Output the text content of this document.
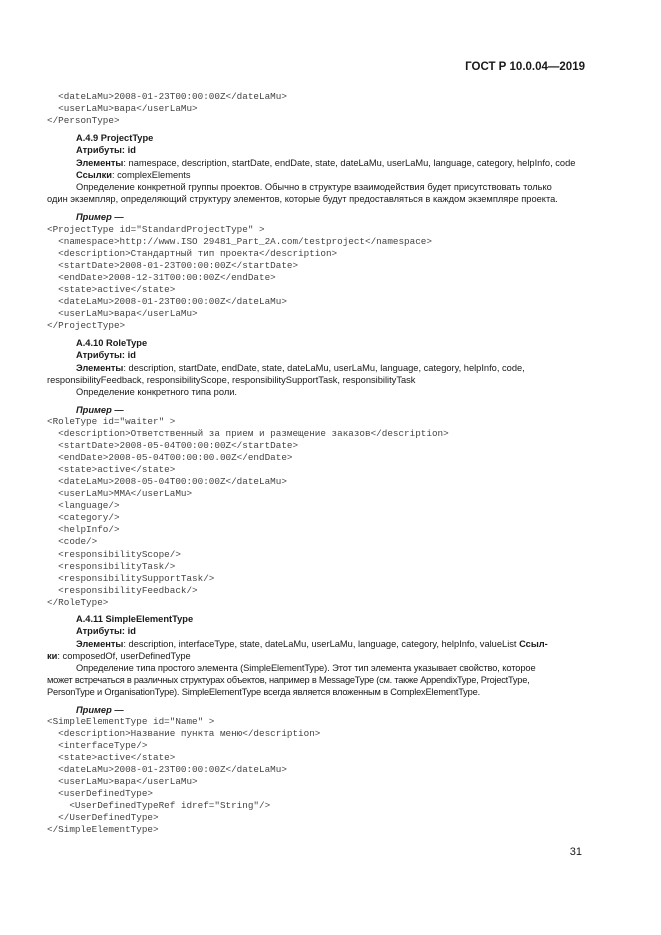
ГОСТ Р 10.0.04—2019
<dateLaMu>2008-01-23T00:00:00Z</dateLaMu>
<userLaMu>вapa</userLaMu>
</PersonType>
А.4.9 ProjectType
Атрибуты: id
Элементы: namespace, description, startDate, endDate, state, dateLaMu, userLaMu, language, category, helpInfo, code
Ссылки: complexElements
Определение конкретной группы проектов. Обычно в структуре взаимодействия будет присутствовать только
один экземпляр, определяющий структуру элементов, которые будут предоставляться в каждом экземпляре проекта.
Пример —
<ProjectType id="StandardProjectType" >
<namespace>http://www.ISO 29481_Part_2A.com/testproject</namespace>
<description>Стандартный тип проекта</description>
<startDate>2008-01-23T00:00:00Z</startDate>
<endDate>2008-12-31T00:00:00Z</endDate>
<state>active</state>
<dateLaMu>2008-01-23T00:00:00Z</dateLaMu>
<userLaMu>вapa</userLaMu>
</ProjectType>
А.4.10 RoleType
Атрибуты: id
Элементы: description, startDate, endDate, state, dateLaMu, userLaMu, language, category, helpInfo, code,
responsibilityFeedback, responsibilityScope, responsibilitySupportTask, responsibilityTask
Определение конкретного типа роли.
Пример —
<RoleType id="waiter" >
<description>Ответственный за прием и размещение заказов</description>
<startDate>2008-05-04T00:00:00Z</startDate>
<endDate>2008-05-04T00:00:00.00Z</endDate>
<state>active</state>
<dateLaMu>2008-05-04T00:00:00Z</dateLaMu>
<userLaMu>MMA</userLaMu>
<language/>
<category/>
<helpInfo/>
<code/>
<responsibilityScope/>
<responsibilityTask/>
<responsibilitySupportTask/>
<responsibilityFeedback/>
</RoleType>
А.4.11 SimpleElementType
Атрибуты: id
Элементы: description, interfaceType, state, dateLaMu, userLaMu, language, category, helpInfo, valueList Ссыл-
ки: composedOf, userDefinedType
Определение типа простого элемента (SimpleElementType). Этот тип элемента указывает свойство, которое
может встречаться в различных структурах объектов, например в MessageType (см. также AppendixType, ProjectType,
PersonType и OrganisationType). SimpleElementType всегда является вложенным в ComplexElementType.
Пример —
<SimpleElementType id="Name" >
<description>Название пункта меню</description>
<interfaceType/>
<state>active</state>
<dateLaMu>2008-01-23T00:00:00Z</dateLaMu>
<userLaMu>вapa</userLaMu>
<userDefinedType>
<UserDefinedTypeRef idref="String"/>
</UserDefinedType>
</SimpleElementType>
31
